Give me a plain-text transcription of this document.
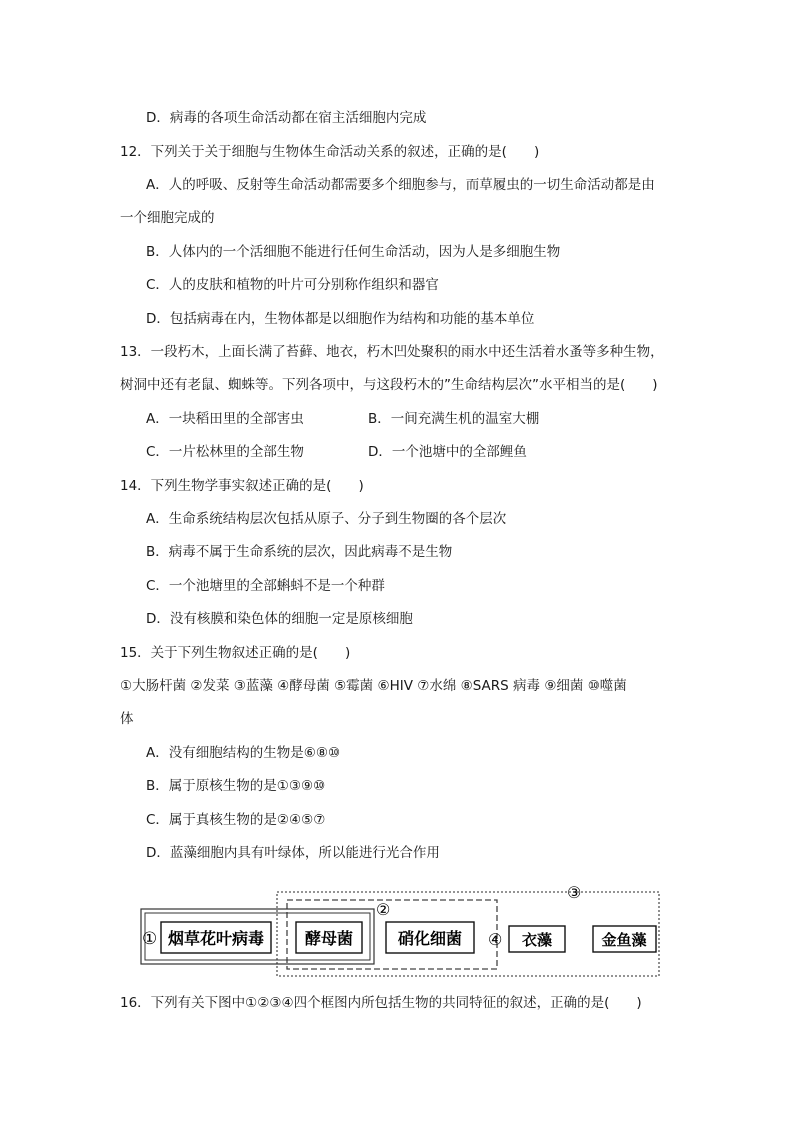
D．病毒的各项生命活动都在宿主活细胞内完成
12．下列关于关于细胞与生物体生命活动关系的叙述，正确的是(　　)
A．人的呼吸、反射等生命活动都需要多个细胞参与，而草履虫的一切生命活动都是由
一个细胞完成的
B．人体内的一个活细胞不能进行任何生命活动，因为人是多细胞生物
C．人的皮肤和植物的叶片可分别称作组织和器官
D．包括病毒在内，生物体都是以细胞作为结构和功能的基本单位
13．一段朽木，上面长满了苔藓、地衣，朽木凹处聚积的雨水中还生活着水蚤等多种生物，
树洞中还有老鼠、蜘蛛等。下列各项中，与这段朽木的”生命结构层次”水平相当的是(　　)
A．一块稻田里的全部害虫	B．一间充满生机的温室大棚
C．一片松林里的全部生物	D．一个池塘中的全部鲤鱼
14．下列生物学事实叙述正确的是(　　)
A．生命系统结构层次包括从原子、分子到生物圈的各个层次
B．病毒不属于生命系统的层次，因此病毒不是生物
C．一个池塘里的全部蝌蚪不是一个种群
D．没有核膜和染色体的细胞一定是原核细胞
15．关于下列生物叙述正确的是(　　)
①大肠杆菌 ②发菜 ③蓝藻 ④酵母菌 ⑤霉菌 ⑥HIV ⑦水绵 ⑧SARS 病毒 ⑨细菌 ⑩噬菌
体
A．没有细胞结构的生物是⑥⑧⑩
B．属于原核生物的是①③⑨⑩
C．属于真核生物的是②④⑤⑦
D．蓝藻细胞内具有叶绿体，所以能进行光合作用
①
②
③
④
烟草花叶病毒	酵母菌	硝化细菌	衣藻	金鱼藻
16．下列有关下图中①②③④四个框图内所包括生物的共同特征的叙述，正确的是(　　)
